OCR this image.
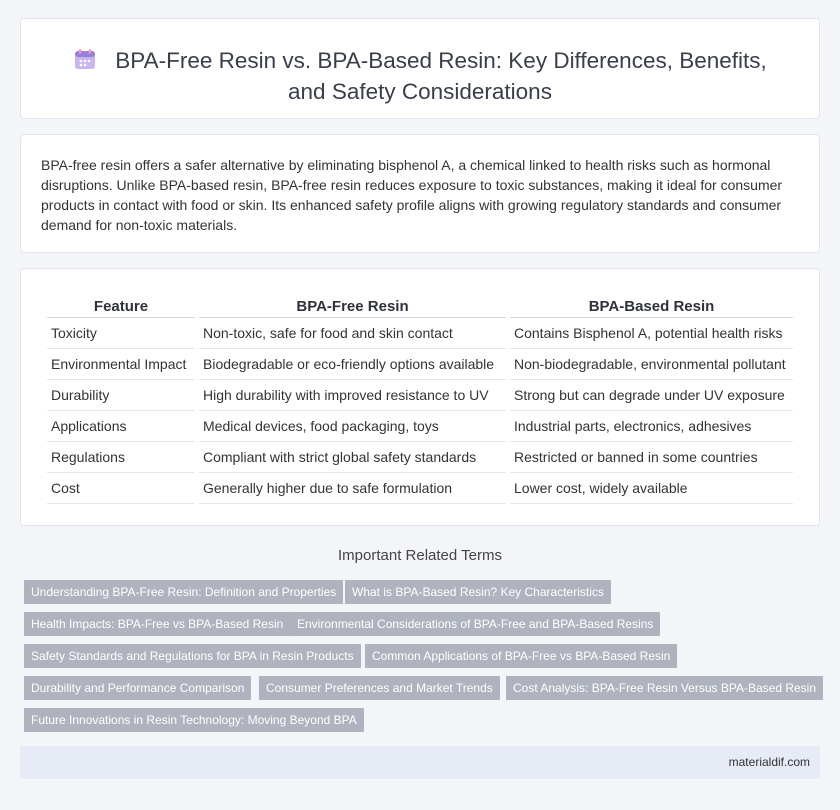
BPA-Free Resin vs. BPA-Based Resin: Key Differences, Benefits,
and Safety Considerations

BPA-free resin offers a safer alternative by eliminating bisphenol A, a chemical linked to health risks such as hormonal disruptions. Unlike BPA-based resin, BPA-free resin reduces exposure to toxic substances, making it ideal for consumer products in contact with food or skin. Its enhanced safety profile aligns with growing regulatory standards and consumer demand for non-toxic materials.

Feature	BPA-Free Resin	BPA-Based Resin
Toxicity	Non-toxic, safe for food and skin contact	Contains Bisphenol A, potential health risks
Environmental Impact	Biodegradable or eco-friendly options available	Non-biodegradable, environmental pollutant
Durability	High durability with improved resistance to UV	Strong but can degrade under UV exposure
Applications	Medical devices, food packaging, toys	Industrial parts, electronics, adhesives
Regulations	Compliant with strict global safety standards	Restricted or banned in some countries
Cost	Generally higher due to safe formulation	Lower cost, widely available
Important Related Terms
Understanding BPA-Free Resin: Definition and Properties	What is BPA-Based Resin? Key Characteristics
Health Impacts: BPA-Free vs BPA-Based Resin	Environmental Considerations of BPA-Free and BPA-Based Resins
Safety Standards and Regulations for BPA in Resin Products	Common Applications of BPA-Free vs BPA-Based Resin
Durability and Performance Comparison	Consumer Preferences and Market Trends	Cost Analysis: BPA-Free Resin Versus BPA-Based Resin
Future Innovations in Resin Technology: Moving Beyond BPA
materialdif.com
